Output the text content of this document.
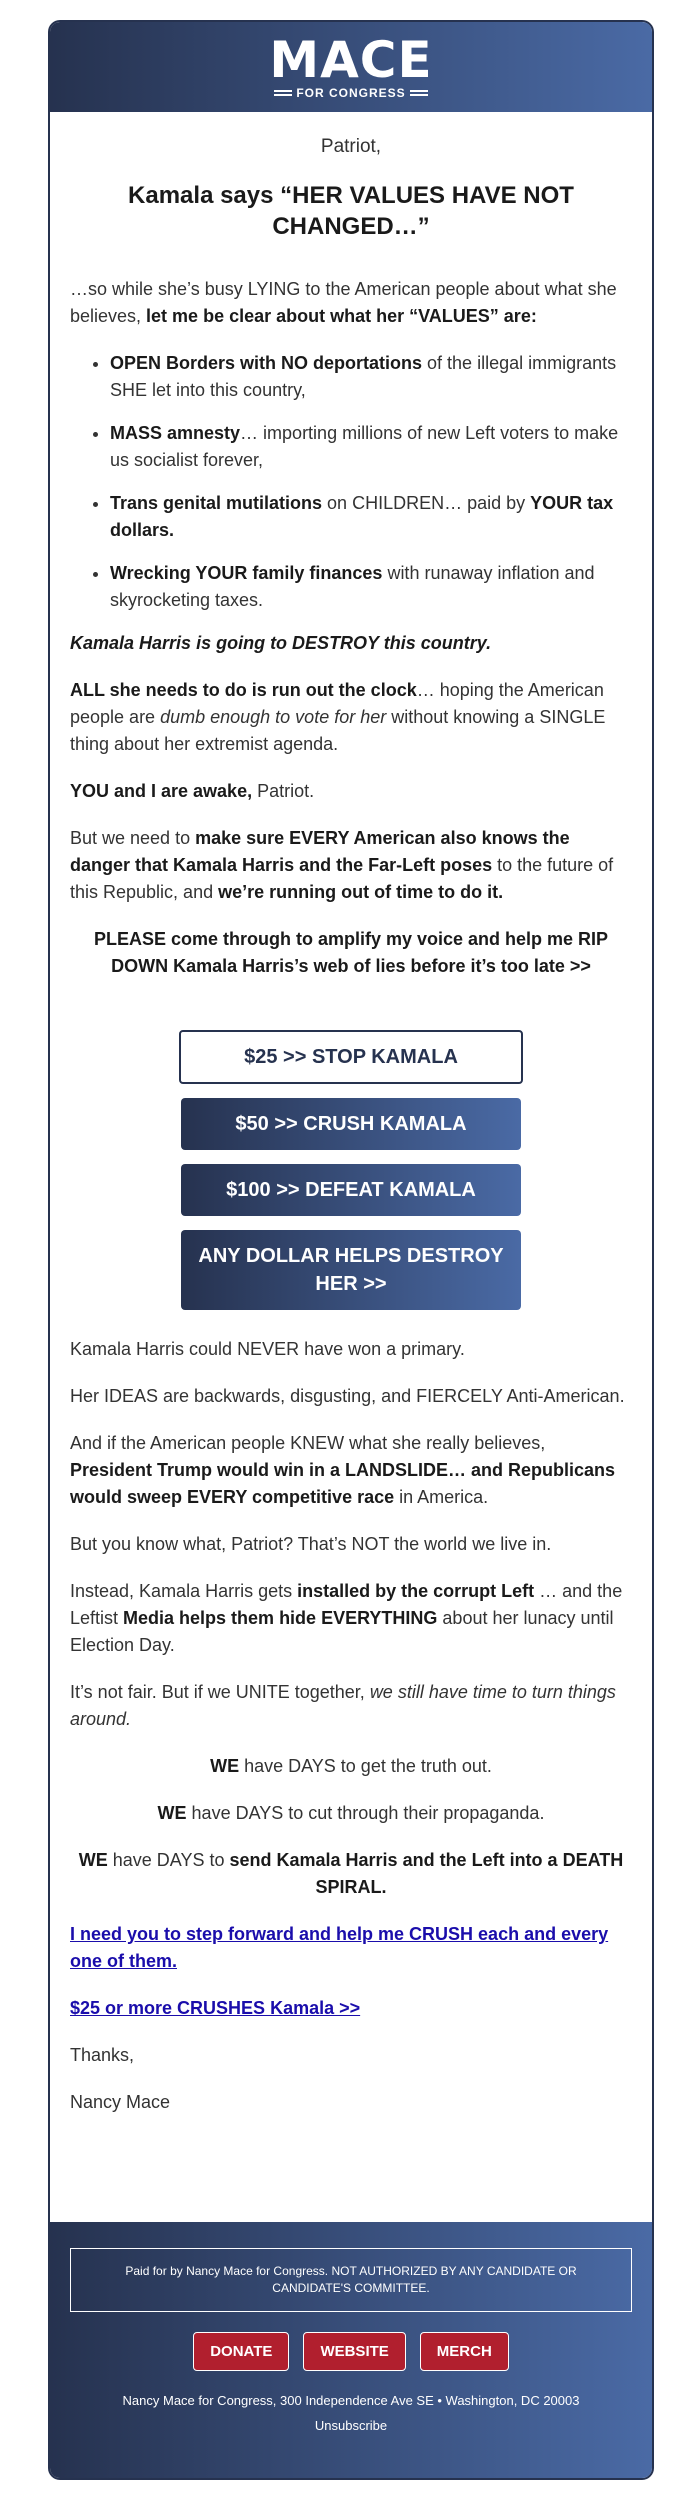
MACE
FOR CONGRESS
Patriot,
Kamala says “HER VALUES HAVE NOT CHANGED…”

…so while she’s busy LYING to the American people about what she believes, let me be clear about what her “VALUES” are:

• OPEN Borders with NO deportations of the illegal immigrants SHE let into this country,
• MASS amnesty… importing millions of new Left voters to make us socialist forever,
• Trans genital mutilations on CHILDREN… paid by YOUR tax dollars.
• Wrecking YOUR family finances with runaway inflation and skyrocketing taxes.

Kamala Harris is going to DESTROY this country.

ALL she needs to do is run out the clock… hoping the American people are dumb enough to vote for her without knowing a SINGLE thing about her extremist agenda.

YOU and I are awake, Patriot.

But we need to make sure EVERY American also knows the danger that Kamala Harris and the Far-Left poses to the future of this Republic, and we’re running out of time to do it.

PLEASE come through to amplify my voice and help me RIP DOWN Kamala Harris’s web of lies before it’s too late >>

$25 >> STOP KAMALA
$50 >> CRUSH KAMALA
$100 >> DEFEAT KAMALA
ANY DOLLAR HELPS DESTROY HER >>

Kamala Harris could NEVER have won a primary.

Her IDEAS are backwards, disgusting, and FIERCELY Anti-American.

And if the American people KNEW what she really believes, President Trump would win in a LANDSLIDE… and Republicans would sweep EVERY competitive race in America.

But you know what, Patriot? That’s NOT the world we live in.

Instead, Kamala Harris gets installed by the corrupt Left … and the Leftist Media helps them hide EVERYTHING about her lunacy until Election Day.

It’s not fair. But if we UNITE together, we still have time to turn things around.

WE have DAYS to get the truth out.

WE have DAYS to cut through their propaganda.

WE have DAYS to send Kamala Harris and the Left into a DEATH SPIRAL.

I need you to step forward and help me CRUSH each and every one of them.

$25 or more CRUSHES Kamala >>

Thanks,

Nancy Mace

Paid for by Nancy Mace for Congress. NOT AUTHORIZED BY ANY CANDIDATE OR CANDIDATE'S COMMITTEE.
DONATE	WEBSITE	MERCH
Nancy Mace for Congress, 300 Independence Ave SE • Washington, DC 20003
Unsubscribe
